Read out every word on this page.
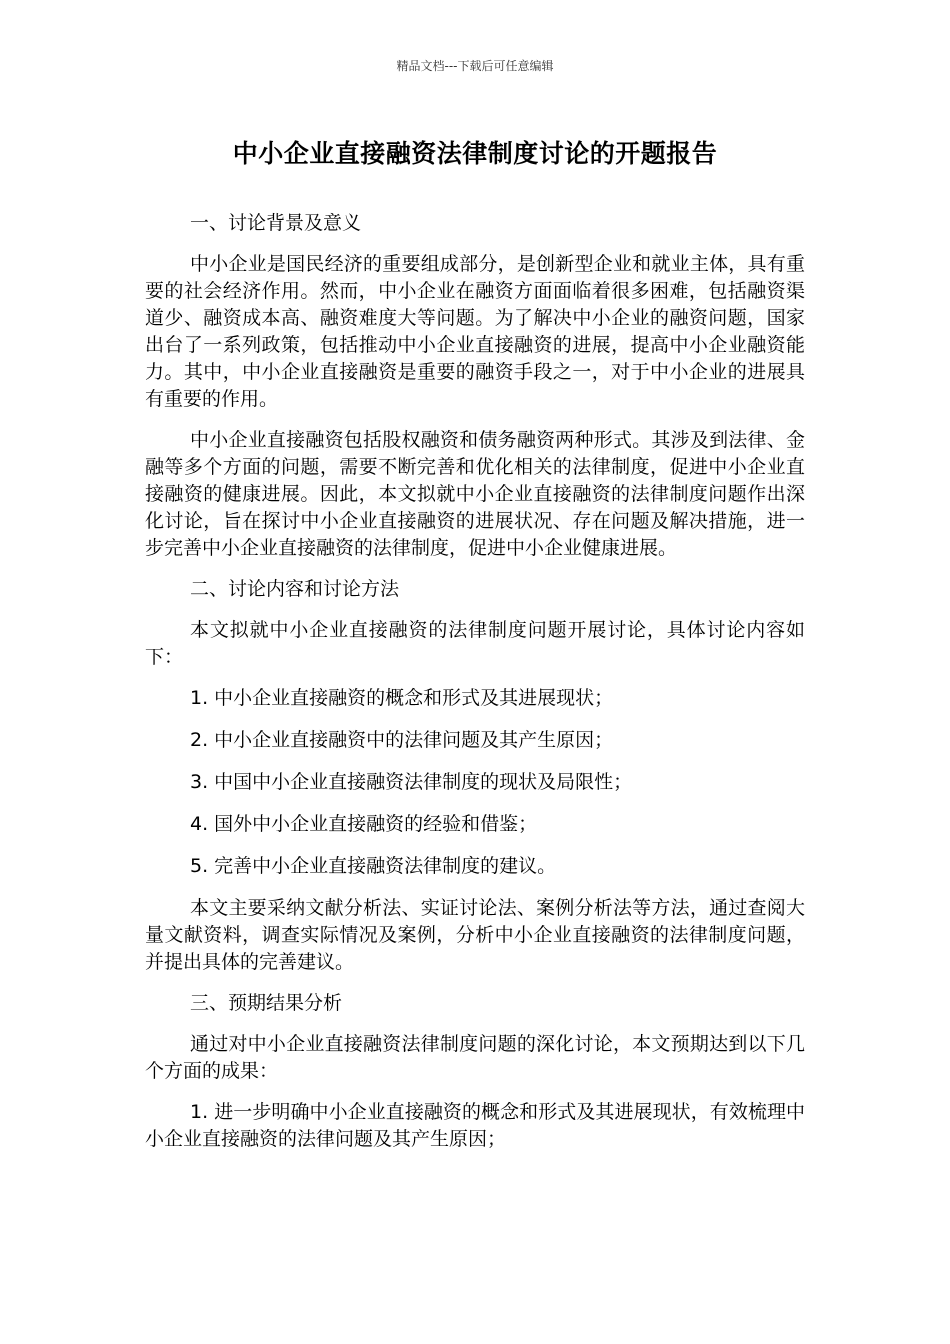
精品文档---下载后可任意编辑
中小企业直接融资法律制度讨论的开题报告

一、讨论背景及意义

中小企业是国民经济的重要组成部分，是创新型企业和就业主体，具有重要的社会经济作用。然而，中小企业在融资方面面临着很多困难，包括融资渠道少、融资成本高、融资难度大等问题。为了解决中小企业的融资问题，国家出台了一系列政策，包括推动中小企业直接融资的进展，提高中小企业融资能力。其中，中小企业直接融资是重要的融资手段之一，对于中小企业的进展具有重要的作用。

中小企业直接融资包括股权融资和债务融资两种形式。其涉及到法律、金融等多个方面的问题，需要不断完善和优化相关的法律制度，促进中小企业直接融资的健康进展。因此，本文拟就中小企业直接融资的法律制度问题作出深化讨论，旨在探讨中小企业直接融资的进展状况、存在问题及解决措施，进一步完善中小企业直接融资的法律制度，促进中小企业健康进展。

二、讨论内容和讨论方法

本文拟就中小企业直接融资的法律制度问题开展讨论，具体讨论内容如下：

1. 中小企业直接融资的概念和形式及其进展现状；

2. 中小企业直接融资中的法律问题及其产生原因；

3. 中国中小企业直接融资法律制度的现状及局限性；

4. 国外中小企业直接融资的经验和借鉴；

5. 完善中小企业直接融资法律制度的建议。

本文主要采纳文献分析法、实证讨论法、案例分析法等方法，通过查阅大量文献资料，调查实际情况及案例，分析中小企业直接融资的法律制度问题，并提出具体的完善建议。

三、预期结果分析

通过对中小企业直接融资法律制度问题的深化讨论，本文预期达到以下几个方面的成果：

1. 进一步明确中小企业直接融资的概念和形式及其进展现状，有效梳理中小企业直接融资的法律问题及其产生原因；
